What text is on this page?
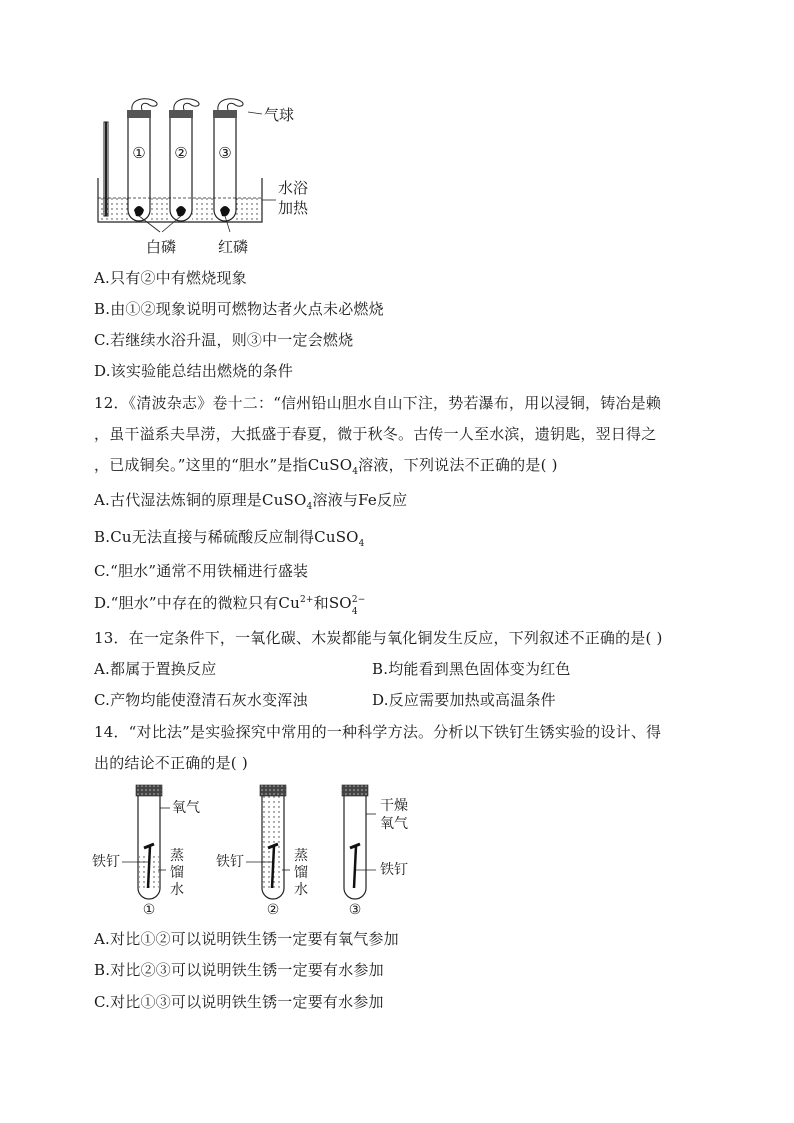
① ② ③
气球
水浴
加热
白磷	红磷
A.只有②中有燃烧现象
B.由①②现象说明可燃物达者火点未必燃烧
C.若继续水浴升温，则③中一定会燃烧
D.该实验能总结出燃烧的条件
12．《清波杂志》卷十二：“信州铅山胆水自山下注，势若瀑布，用以浸铜，铸冶是赖
，虽干溢系夫旱涝，大抵盛于春夏，微于秋冬。古传一人至水滨，遗钥匙，翌日得之
，已成铜矣。”这里的“胆水”是指CuSO$_4$溶液，下列说法不正确的是( )
A.古代湿法炼铜的原理是CuSO$_4$溶液与Fe反应
B.Cu无法直接与稀硫酸反应制得CuSO$_4$
C.“胆水”通常不用铁桶进行盛装
D.“胆水”中存在的微粒只有$Cu^{2+}$和SO 2−
4
13．在一定条件下，一氧化碳、木炭都能与氧化铜发生反应，下列叙述不正确的是( )
A.都属于置换反应	B.均能看到黑色固体变为红色
C.产物均能使澄清石灰水变浑浊	D.反应需要加热或高温条件
14．“对比法”是实验探究中常用的一种科学方法。分析以下铁钉生锈实验的设计、得
出的结论不正确的是( )
氧气
铁钉	蒸
馏
水
铁钉	蒸
馏
水
干燥
氧气
铁钉
①	②	③
A.对比①②可以说明铁生锈一定要有氧气参加
B.对比②③可以说明铁生锈一定要有水参加
C.对比①③可以说明铁生锈一定要有水参加
